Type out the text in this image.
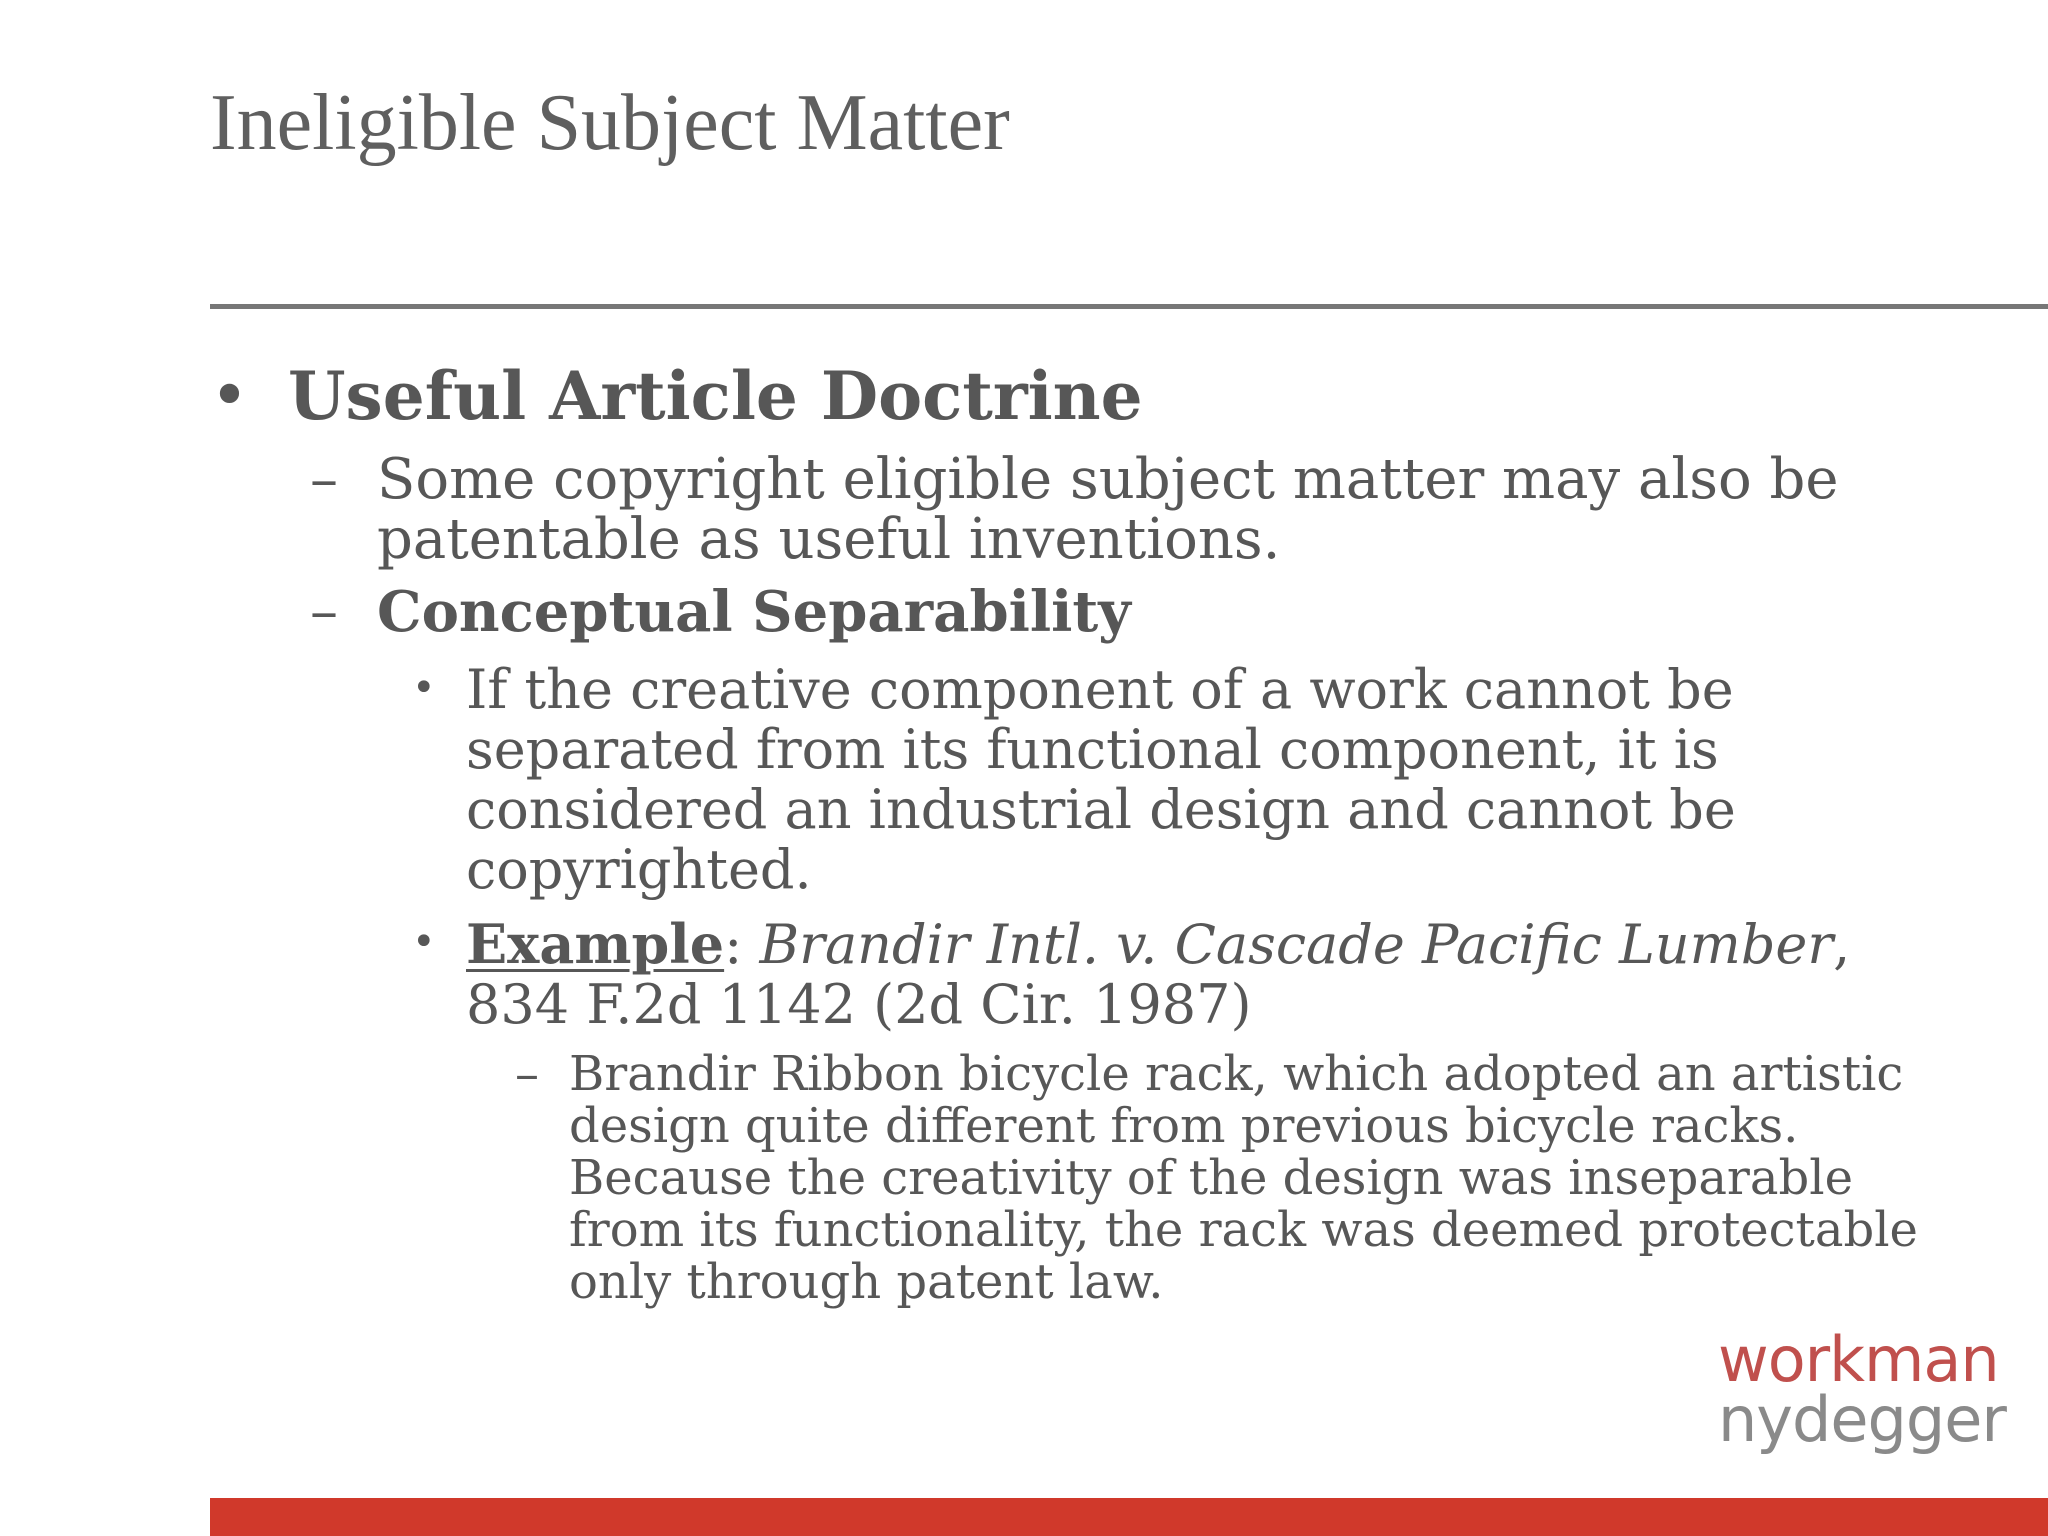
Ineligible Subject Matter
• Useful Article Doctrine
– Some copyright eligible subject matter may also be patentable as useful inventions.
– Conceptual Separability
• If the creative component of a work cannot be separated from its functional component, it is considered an industrial design and cannot be copyrighted.
• Example: Brandir Intl. v. Cascade Pacific Lumber, 834 F.2d 1142 (2d Cir. 1987)
– Brandir Ribbon bicycle rack, which adopted an artistic design quite different from previous bicycle racks. Because the creativity of the design was inseparable from its functionality, the rack was deemed protectable only through patent law.
workman
nydegger
